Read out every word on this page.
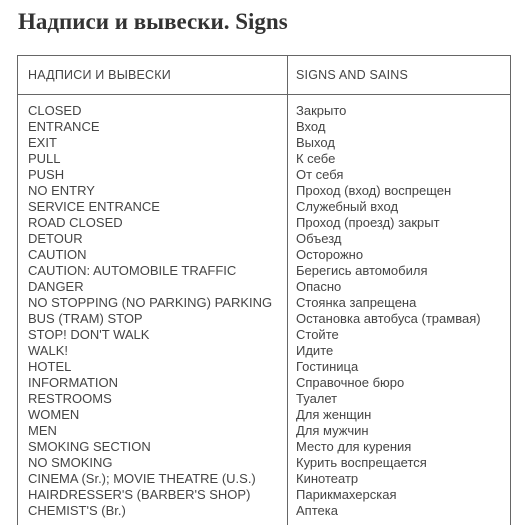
Надписи и вывески. Signs
НАДПИСИ И ВЫВЕСКИ	SIGNS AND SAINS
CLOSED	Закрыто
ENTRANCE	Вход
EXIT	Выход
PULL	К себе
PUSH	От себя
NO ENTRY	Проход (вход) воспрещен
SERVICE ENTRANCE	Служебный вход
ROAD CLOSED	Проход (проезд) закрыт
DETOUR	Объезд
CAUTION	Осторожно
CAUTION: AUTOMOBILE TRAFFIC	Берегись автомобиля
DANGER	Опасно
NO STOPPING (NO PARKING) PARKING Стоянка запрещена
BUS (TRAM) STOP	Остановка автобуса (трамвая)
STOP! DON'T WALK	Стойте
WALK!	Идите
HOTEL	Гостиница
INFORMATION	Справочное бюро
RESTROOMS	Туалет
WOMEN	Для женщин
MEN	Для мужчин
SMOKING SECTION	Место для курения
NO SMOKING	Курить воспрещается
CINEMA (Sr.); MOVIE THEATRE (U.S.)	Кинотеатр
HAIRDRESSER'S (BARBER'S SHOP)	Парикмахерская
CHEMIST'S (Br.)	Аптека
